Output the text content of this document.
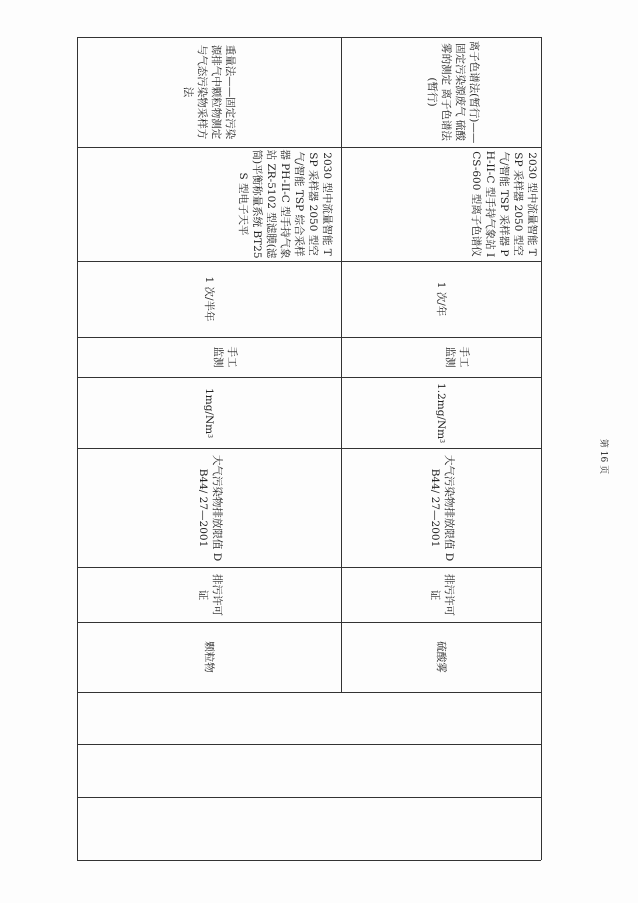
重量法——固定污染源排气中颗粒物测定与气态污染物采样方法
2030 型中流量智能 TSP 采样器 2050 型空气/智能 TSP 综合采样器 PH-II-C 型手持气象站 ZR-5102 型滤膜(滤筒)平衡称量系统 BT25S 型电子天平
1 次/半年
手工监测
1mg/Nm
3
大气污染物排放限值 DB44/ 27—2001
排污许可证
颗粒物
离子色谱法(暂行)——固定污染源废气 硫酸雾的测定 离子色谱法(暂行)
2030 型中流量智能 TSP 采样器 2050 型空气/智能 TSP 采样器 PH-II-C 型手持气象站 ICS-600 型离子色谱仪
1 次/年
手工监测
1.2mg/Nm
3
大气污染物排放限值 DB44/ 27—2001
排污许可证
硫酸雾
第 16 页
